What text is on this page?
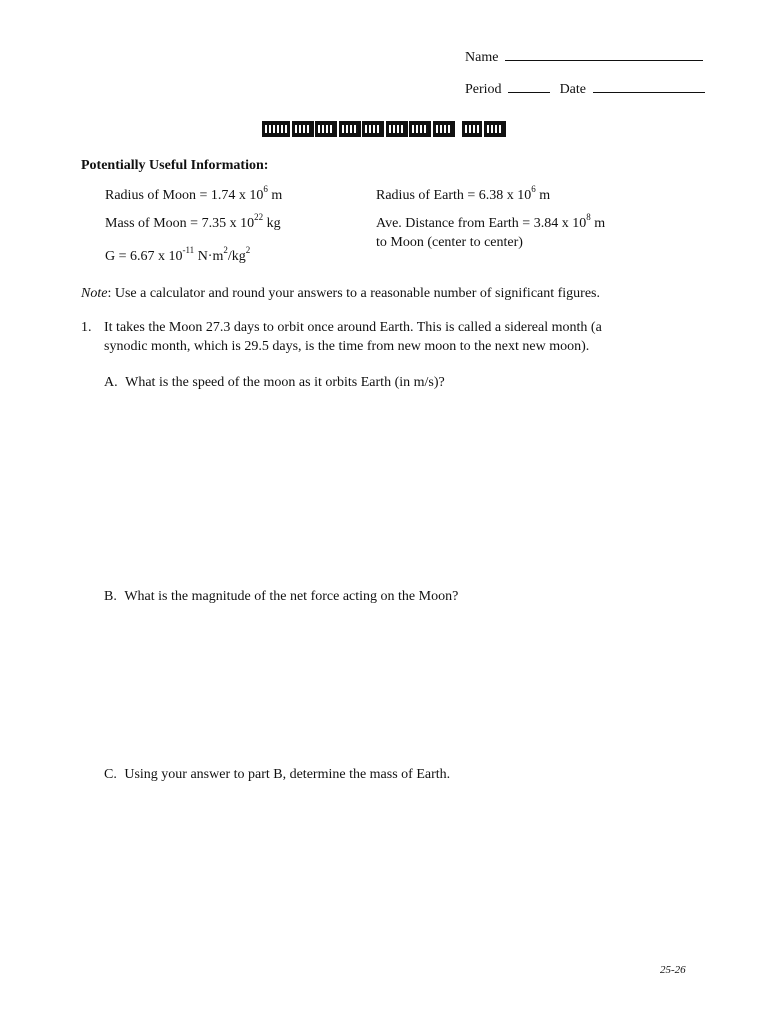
Name
Period	Date
Potentially Useful Information:
Radius of Moon = 1.74 x $10^6$ m	Radius of Earth = 6.38 x $10^6$ m
Mass of Moon = 7.35 x $10^{22}$ kg	Ave. Distance from Earth = 3.84 x $10^8$ m
to Moon (center to center)
G = 6.67 x $10^{-11}$ $N\cdot m^2/kg^2$
Note: Use a calculator and round your answers to a reasonable number of significant figures.
1. It takes the Moon 27.3 days to orbit once around Earth. This is called a sidereal month (a
synodic month, which is 29.5 days, is the time from new moon to the next new moon).
A. What is the speed of the moon as it orbits Earth (in m/s)?
B. What is the magnitude of the net force acting on the Moon?
C. Using your answer to part B, determine the mass of Earth.
25-26
